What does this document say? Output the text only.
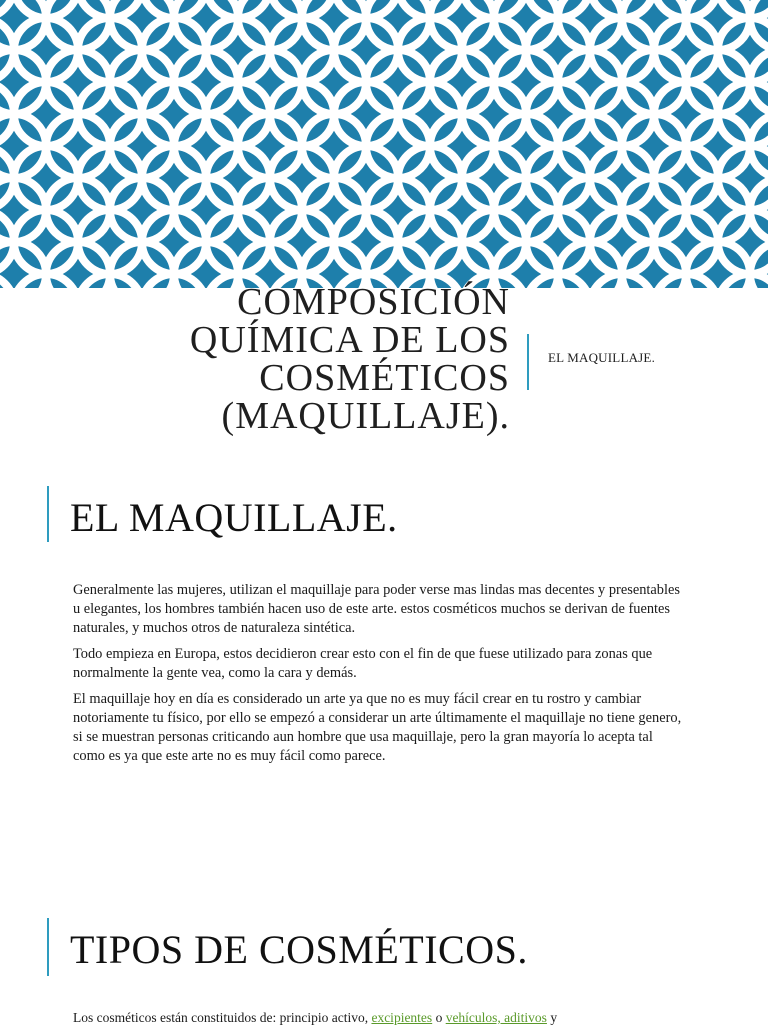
COMPOSICIÓN
QUÍMICA DE LOS
COSMÉTICOS
(MAQUILLAJE).
EL MAQUILLAJE.
EL MAQUILLAJE.

Generalmente las mujeres, utilizan el maquillaje para poder verse mas lindas mas decentes y presentables u elegantes, los hombres también hacen uso de este arte. estos cosméticos muchos se derivan de fuentes naturales, y muchos otros de naturaleza sintética.

Todo empieza en Europa, estos decidieron crear esto con el fin de que fuese utilizado para zonas que normalmente la gente vea, como la cara y demás.

El maquillaje hoy en día es considerado un arte ya que no es muy fácil crear en tu rostro y cambiar notoriamente tu físico, por ello se empezó a considerar un arte últimamente el maquillaje no tiene genero, si se muestran personas criticando aun hombre que usa maquillaje, pero la gran mayoría lo acepta tal como es ya que este arte no es muy fácil como parece.

TIPOS DE COSMÉTICOS.
Los cosméticos están constituidos de: principio activo, excipientes o vehículos, aditivos y
